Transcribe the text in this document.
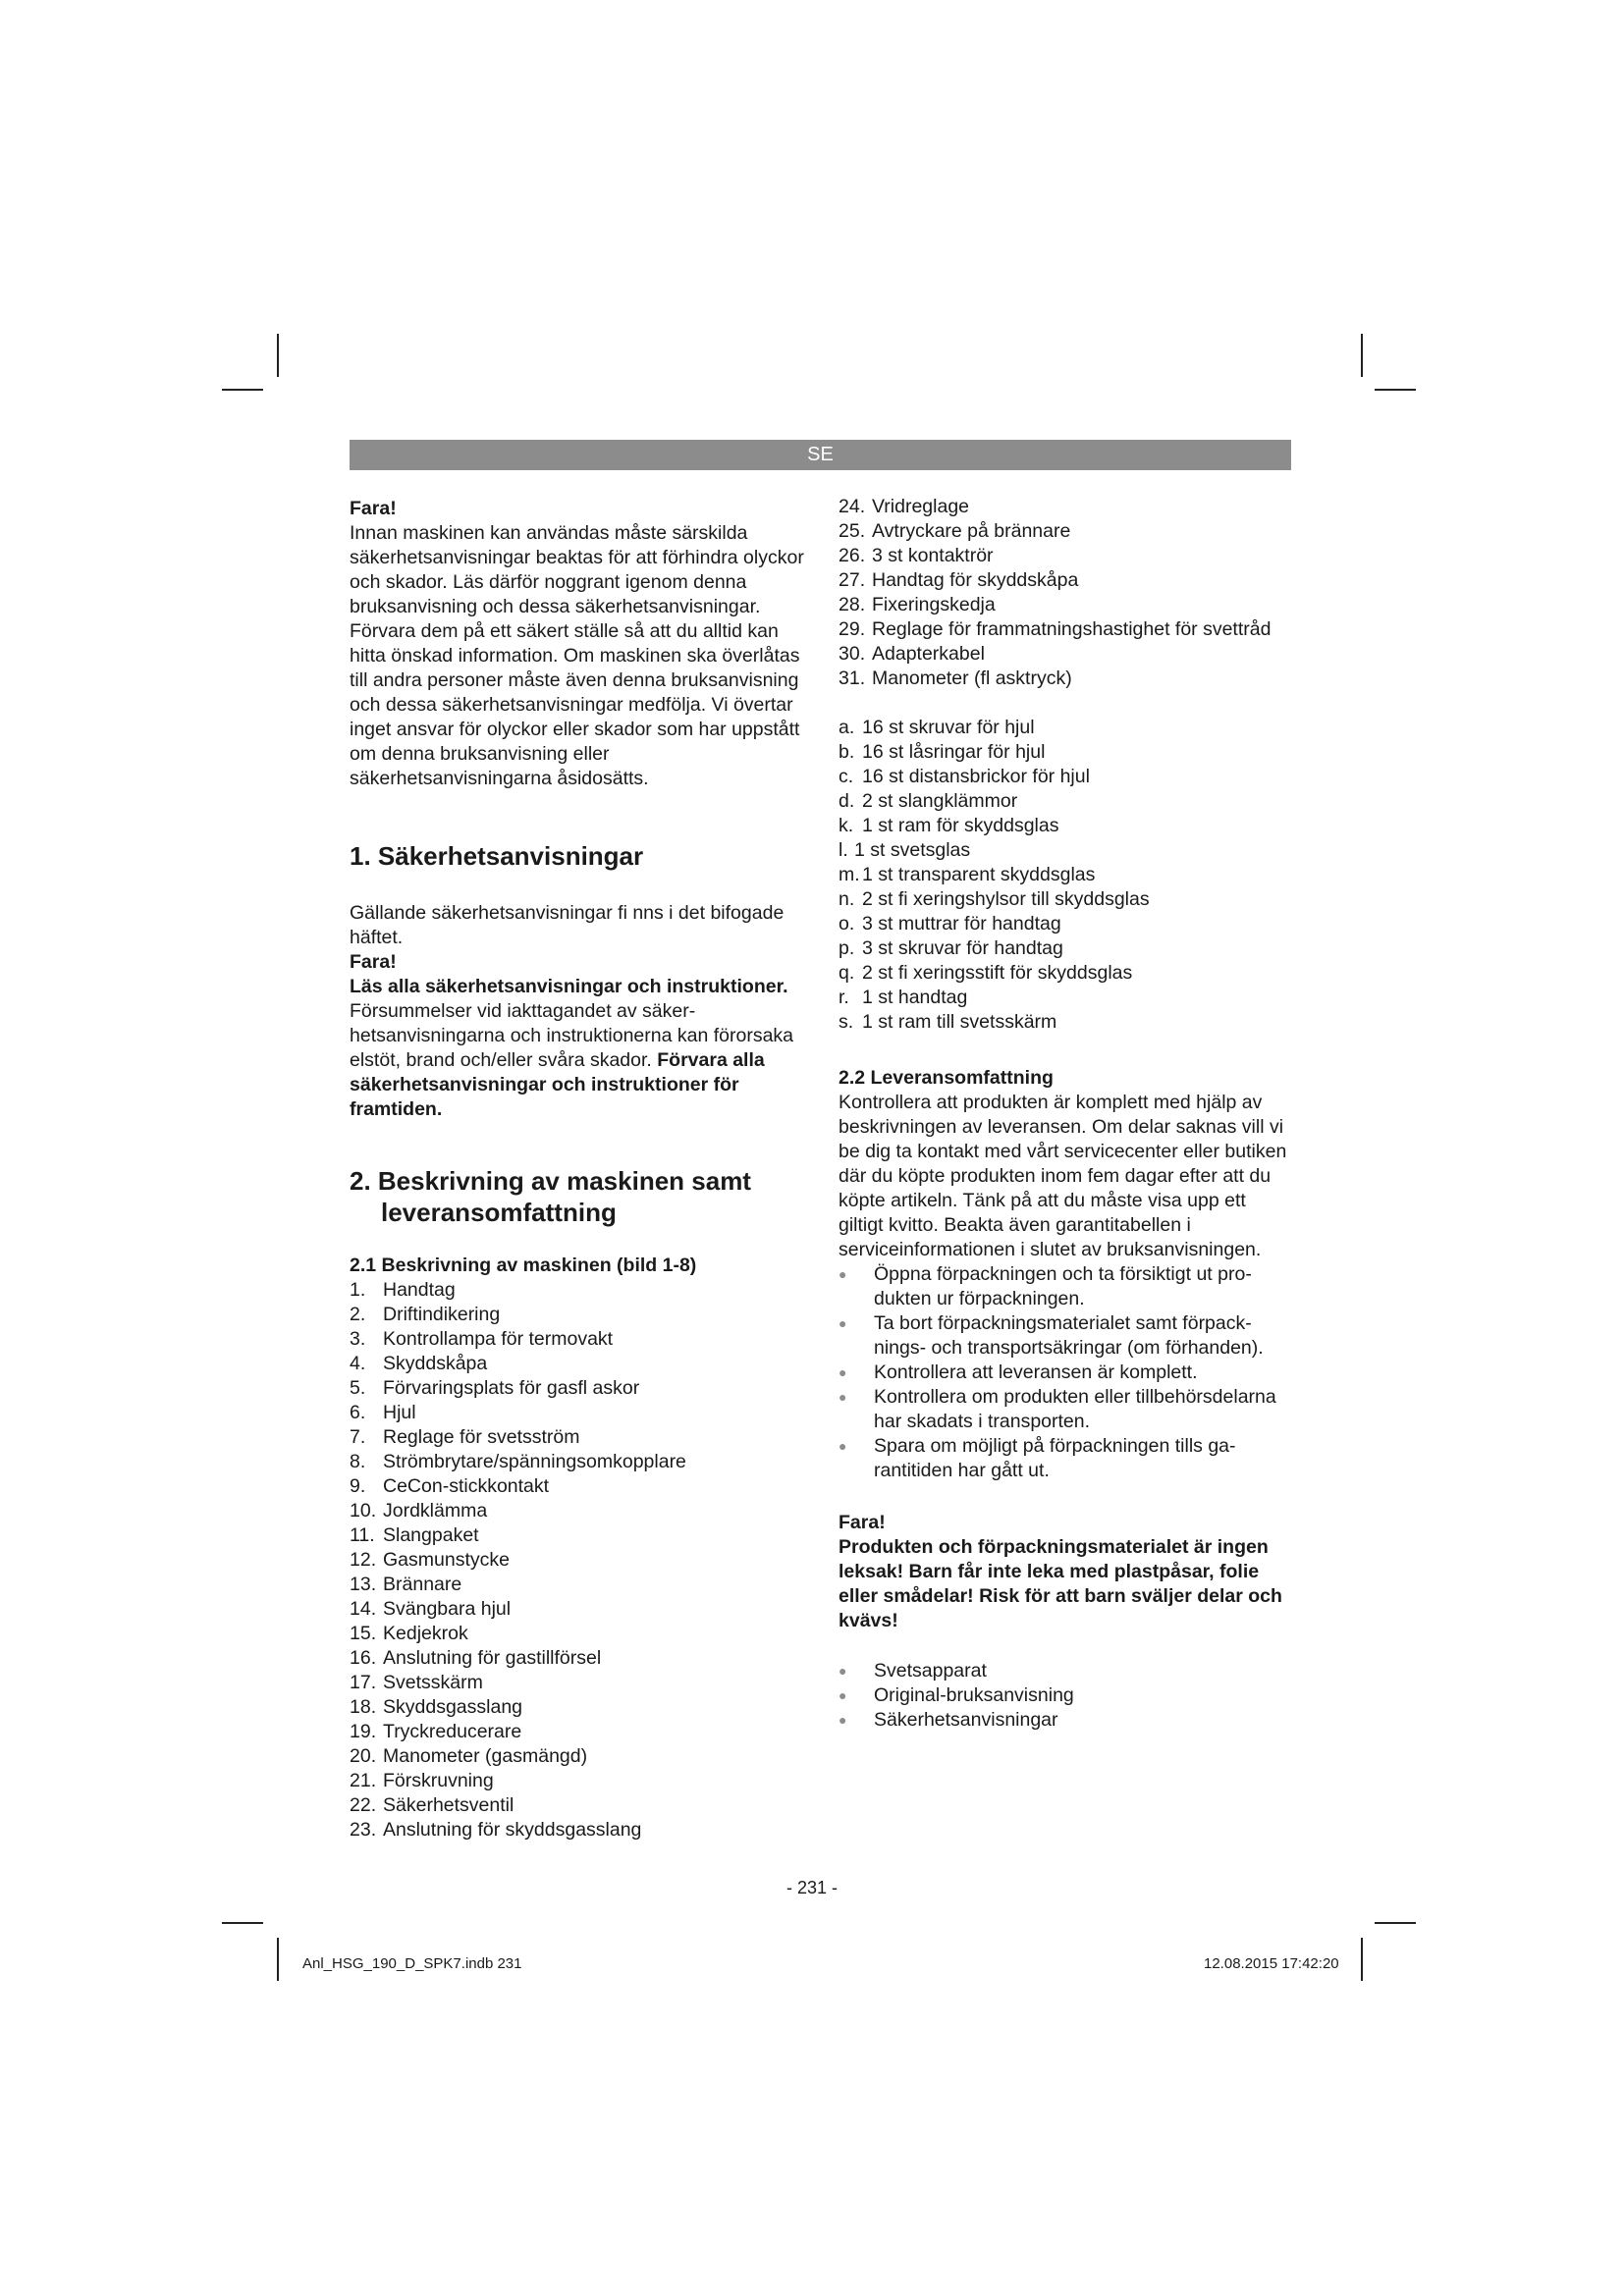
SE

Fara!

Innan maskinen kan användas måste särskilda säkerhetsanvisningar beaktas för att förhindra olyckor och skador. Läs därför noggrant igenom denna bruksanvisning och dessa säkerhetsanvisningar. Förvara dem på ett säkert ställe så att du alltid kan hitta önskad information. Om maskinen ska överlåtas till andra personer måste även denna bruksanvisning och dessa säkerhetsanvisningar medfölja. Vi övertar inget ansvar för olyckor eller skador som har uppstått om denna bruksanvisning eller säkerhetsanvisningarna åsidosätts.

1. Säkerhetsanvisningar

Gällande säkerhetsanvisningar fi nns i det bifogade häftet.

Fara!

Läs alla säkerhetsanvisningar och instruktioner. Försummelser vid iakttagandet av säkerhetsanvisningarna och instruktionerna kan förorsaka elstöt, brand och/eller svåra skador. Förvara alla säkerhetsanvisningar och instruktioner för framtiden.

2. Beskrivning av maskinen samt leveransomfattning

2.1 Beskrivning av maskinen (bild 1-8)

1. Handtag
2. Driftindikering
3. Kontrollampa för termovakt
4. Skyddskåpa
5. Förvaringsplats för gasfl askor
6. Hjul
7. Reglage för svetsström
8. Strömbrytare/spänningsomkopplare
9. CeCon-stickkontakt
10. Jordklämma
11. Slangpaket
12. Gasmunstycke
13. Brännare
14. Svängbara hjul
15. Kedjekrok
16. Anslutning för gastillförsel
17. Svetsskärm
18. Skyddsgasslang
19. Tryckreducerare
20. Manometer (gasmängd)
21. Förskruvning
22. Säkerhetsventil
23. Anslutning för skyddsgasslang
24. Vridreglage
25. Avtryckare på brännare
26. 3 st kontaktrör
27. Handtag för skyddskåpa
28. Fixeringskedja
29. Reglage för frammatningshastighet för svettråd
30. Adapterkabel
31. Manometer (fl asktryck)
a. 16 st skruvar för hjul
b. 16 st låsringar för hjul
c. 16 st distansbrickor för hjul
d. 2 st slangklämmor
k. 1 st ram för skyddsglas
l. 1 st svetsglas
m. 1 st transparent skyddsglas
n. 2 st fi xeringshylsor till skyddsglas
o. 3 st muttrar för handtag
p. 3 st skruvar för handtag
q. 2 st fi xeringsstift för skyddsglas
r. 1 st handtag
s. 1 st ram till svetsskärm

2.2 Leveransomfattning

Kontrollera att produkten är komplett med hjälp av beskrivningen av leveransen. Om delar saknas vill vi be dig ta kontakt med vårt servicecenter eller butiken där du köpte produkten inom fem dagar efter att du köpte artikeln. Tänk på att du måste visa upp ett giltigt kvitto. Beakta även garantitabellen i serviceinformationen i slutet av bruksanvisningen.

●	Öppna förpackningen och ta försiktigt ut produkten ur förpackningen.
●	Ta bort förpackningsmaterialet samt förpacknings- och transportsäkringar (om förhanden).
●	Kontrollera att leveransen är komplett.
●	Kontrollera om produkten eller tillbehörsdelarna har skadats i transporten.
●	Spara om möjligt på förpackningen tills garantitiden har gått ut.

Fara!

Produkten och förpackningsmaterialet är ingen leksak! Barn får inte leka med plastpåsar, folie eller smådelar! Risk för att barn sväljer delar och kvävs!

●	Svetsapparat
●	Original-bruksanvisning
●	Säkerhetsanvisningar
- 231 -
Anl_HSG_190_D_SPK7.indb 231	12.08.2015 17:42:20
